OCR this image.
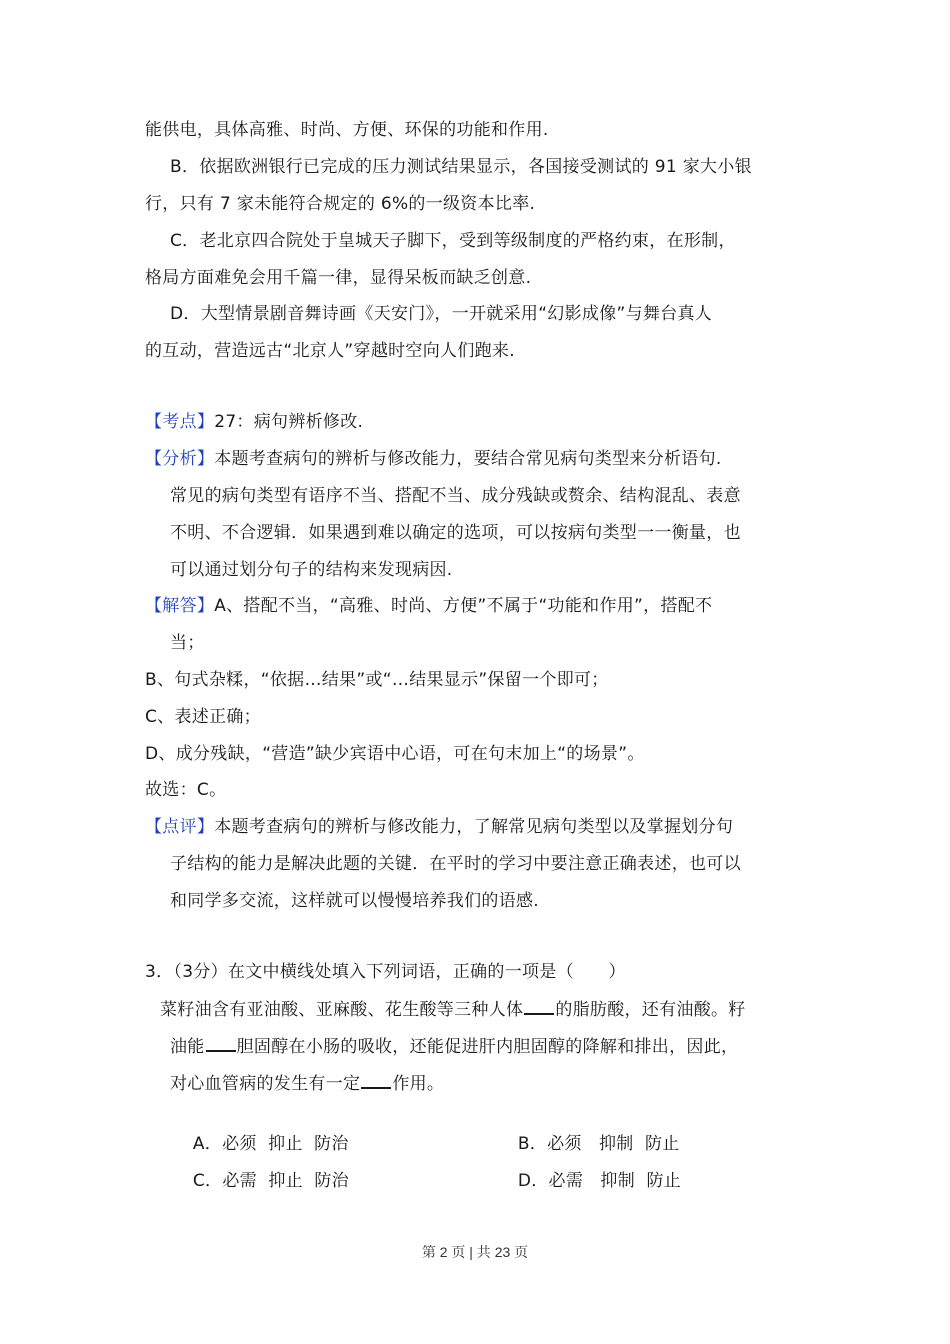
能供电，具体高雅、时尚、方便、环保的功能和作用.
B．依据欧洲银行已完成的压力测试结果显示，各国接受测试的 91 家大小银
行，只有 7 家未能符合规定的 6%的一级资本比率.
C．老北京四合院处于皇城天子脚下，受到等级制度的严格约束，在形制，
格局方面难免会用千篇一律，显得呆板而缺乏创意.
D．大型情景剧音舞诗画《天安门》，一开就采用“幻影成像”与舞台真人
的互动，营造远古“北京人”穿越时空向人们跑来.
【考点】27：病句辨析修改.
【分析】本题考查病句的辨析与修改能力，要结合常见病句类型来分析语句.
常见的病句类型有语序不当、搭配不当、成分残缺或赘余、结构混乱、表意
不明、不合逻辑．如果遇到难以确定的选项，可以按病句类型一一衡量，也
可以通过划分句子的结构来发现病因.
【解答】A、搭配不当，“高雅、时尚、方便”不属于“功能和作用”，搭配不
当；
B、句式杂糅，“依据…结果”或“…结果显示”保留一个即可；
C、表述正确；
D、成分残缺，“营造”缺少宾语中心语，可在句末加上“的场景”。
故选：C。
【点评】本题考查病句的辨析与修改能力，了解常见病句类型以及掌握划分句
子结构的能力是解决此题的关键．在平时的学习中要注意正确表述，也可以
和同学多交流，这样就可以慢慢培养我们的语感.
3．（3分）在文中横线处填入下列词语，正确的一项是（　　）
菜籽油含有亚油酸、亚麻酸、花生酸等三种人体 的脂肪酸，还有油酸。籽
油能 胆固醇在小肠的吸收，还能促进肝内胆固醇的降解和排出，因此，
对心血管病的发生有一定 作用。

A．必须  抑止  防治
	B．必须　抑制  防止

C．必需  抑止  防治
	D．必需　抑制  防止

第 2 页 | 共 23 页
